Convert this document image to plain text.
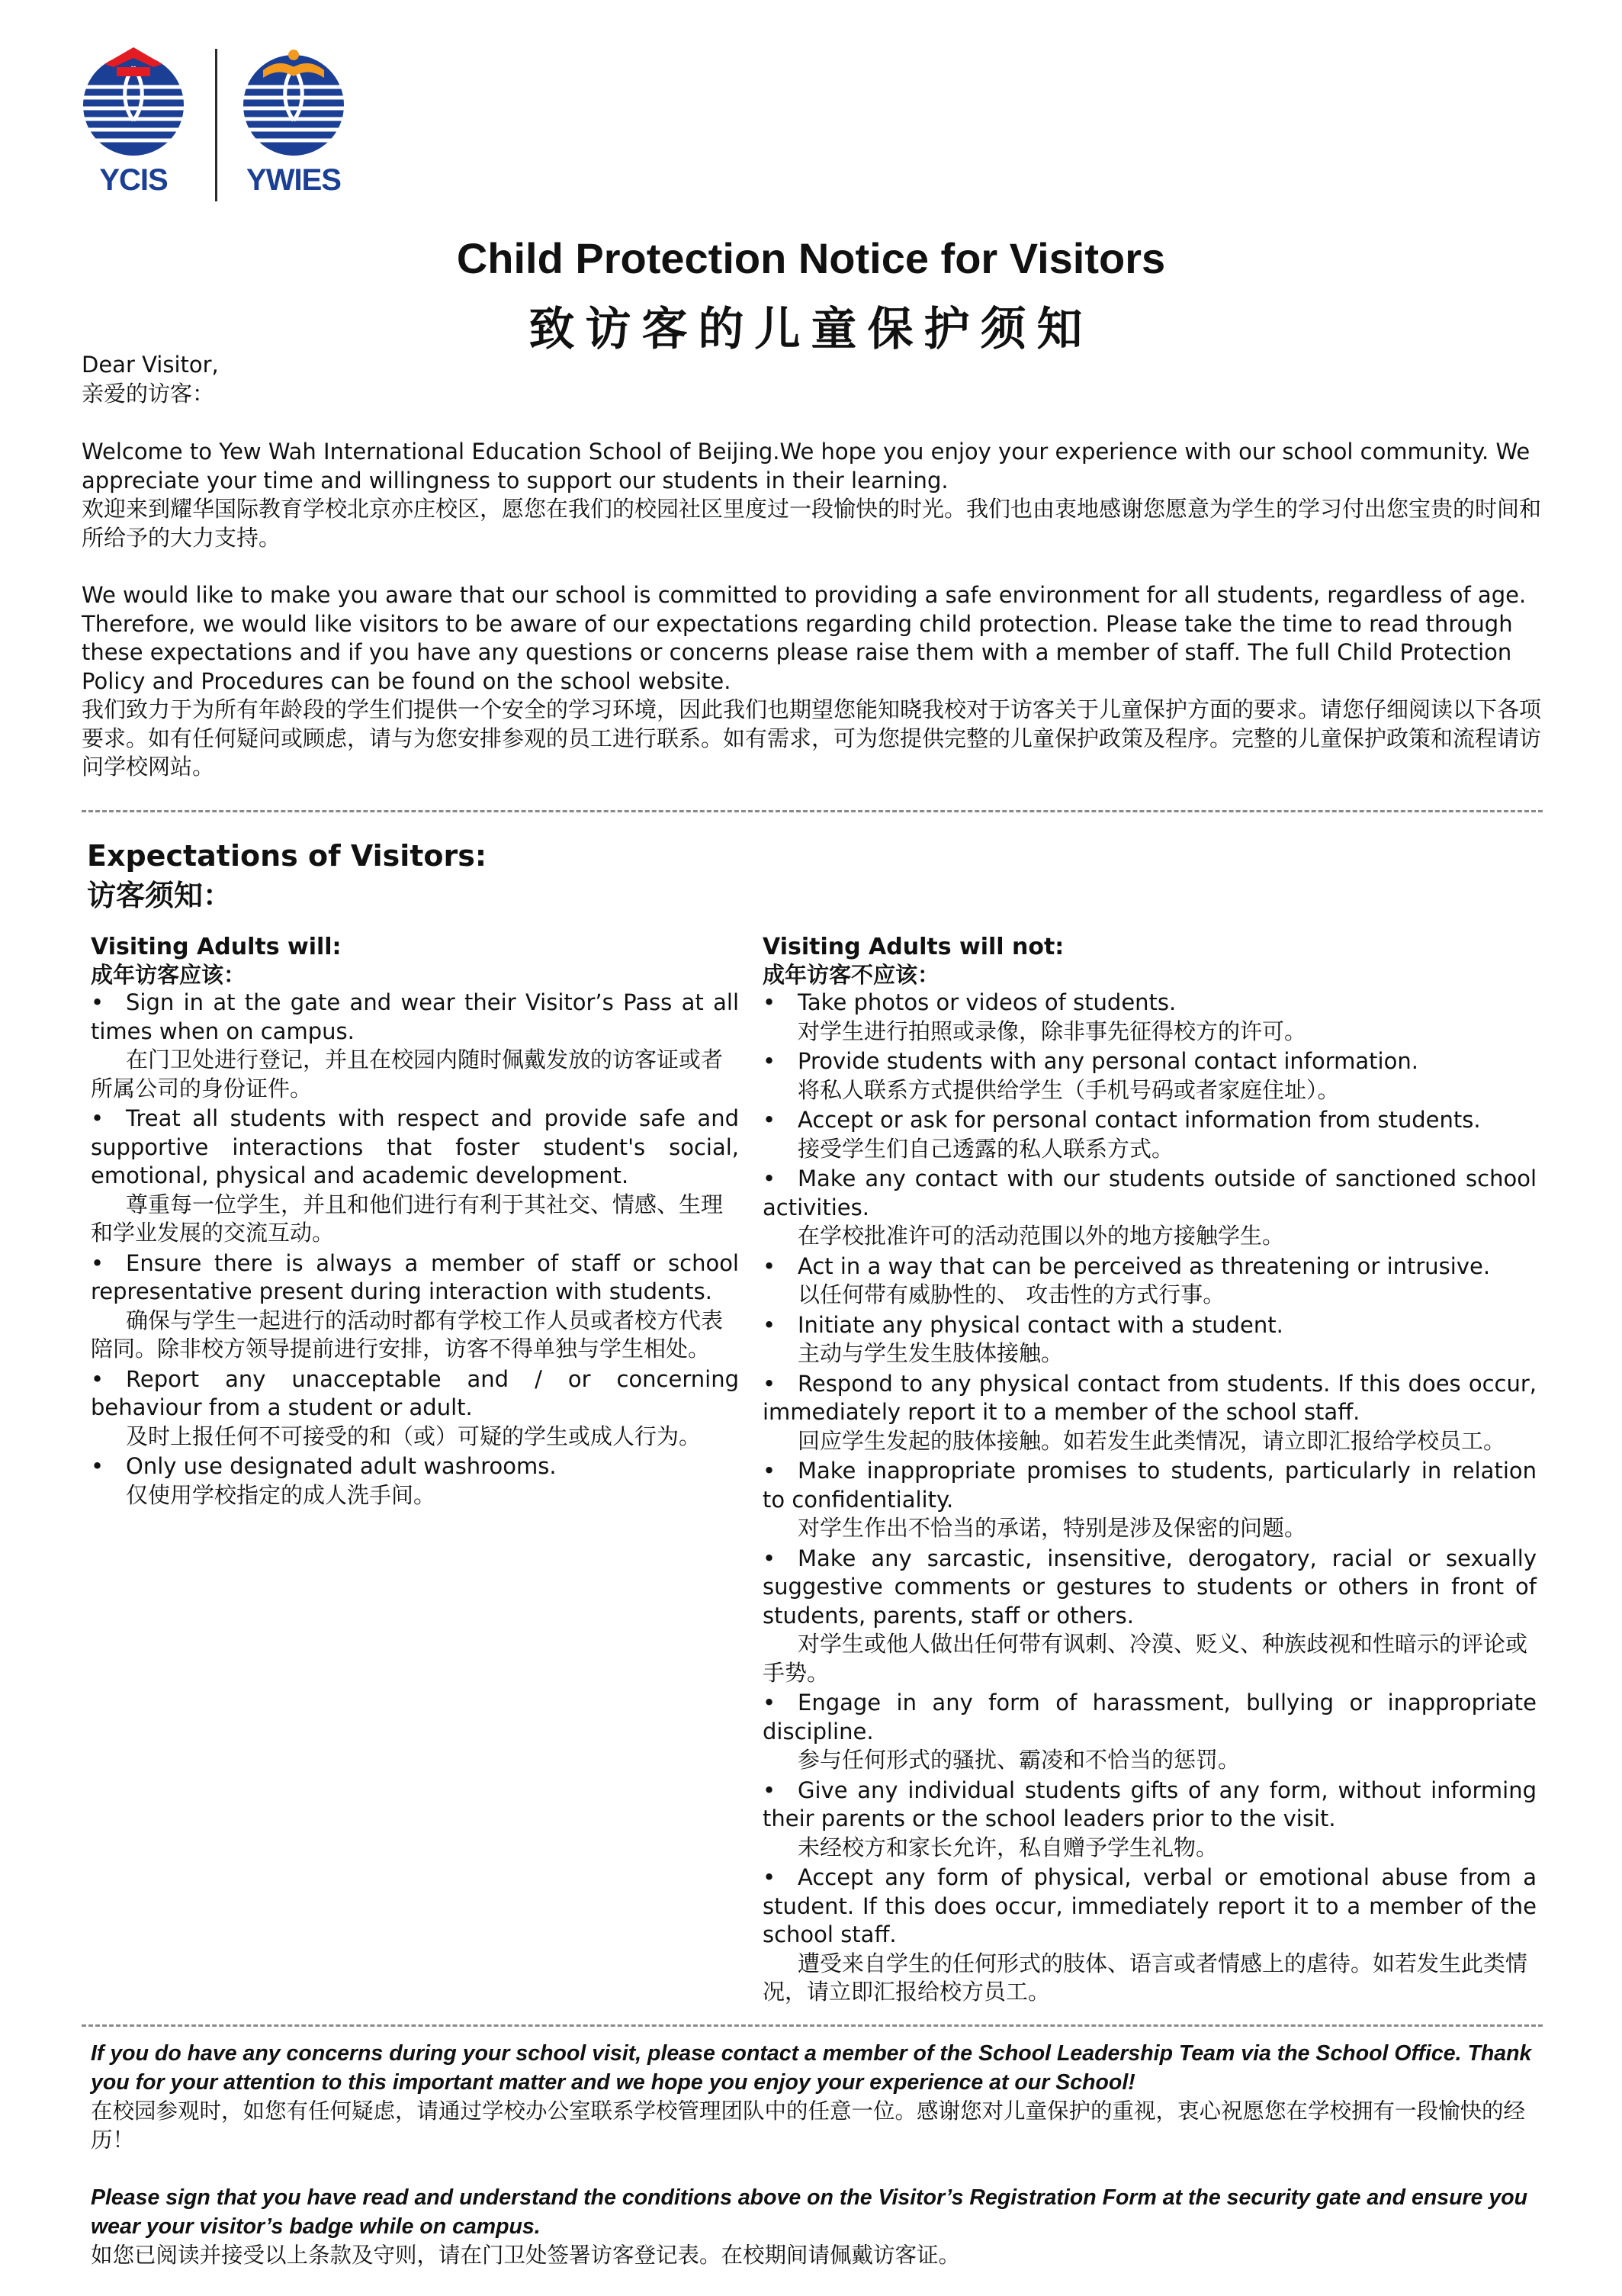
YCIS	YWIES
Child Protection Notice for Visitors
致访客的儿童保护须知

Dear Visitor,

亲爱的访客：

Welcome to Yew Wah International Education School of Beijing.We hope you enjoy your experience with our school community. We appreciate your time and willingness to support our students in their learning.

欢迎来到耀华国际教育学校北京亦庄校区，愿您在我们的校园社区里度过一段愉快的时光。我们也由衷地感谢您愿意为学生的学习付出您宝贵的时间和所给予的大力支持。

We would like to make you aware that our school is committed to providing a safe environment for all students, regardless of age. Therefore, we would like visitors to be aware of our expectations regarding child protection. Please take the time to read through these expectations and if you have any questions or concerns please raise them with a member of staff. The full Child Protection Policy and Procedures can be found on the school website.

我们致力于为所有年龄段的学生们提供一个安全的学习环境，因此我们也期望您能知晓我校对于访客关于儿童保护方面的要求。请您仔细阅读以下各项要求。如有任何疑问或顾虑，请与为您安排参观的员工进行联系。如有需求，可为您提供完整的儿童保护政策及程序。完整的儿童保护政策和流程请访问学校网站。

Expectations of Visitors:

访客须知：

Visiting Adults will:
成年访客应该：
• Sign in at the gate and wear their Visitor’s Pass at all times when on campus.
在门卫处进行登记，并且在校园内随时佩戴发放的访客证或者所属公司的身份证件。
• Treat all students with respect and provide safe and supportive interactions that foster student's social, emotional, physical and academic development.
尊重每一位学生，并且和他们进行有利于其社交、情感、生理和学业发展的交流互动。
• Ensure there is always a member of staff or school representative present during interaction with students.
确保与学生一起进行的活动时都有学校工作人员或者校方代表陪同。除非校方领导提前进行安排，访客不得单独与学生相处。
• Report any unacceptable and / or concerning behaviour from a student or adult.
及时上报任何不可接受的和（或）可疑的学生或成人行为。
• Only use designated adult washrooms.
仅使用学校指定的成人洗手间。
Visiting Adults will not:
成年访客不应该：
• Take photos or videos of students.
对学生进行拍照或录像，除非事先征得校方的许可。
• Provide students with any personal contact information.
将私人联系方式提供给学生（手机号码或者家庭住址）。
• Accept or ask for personal contact information from students.
接受学生们自己透露的私人联系方式。
• Make any contact with our students outside of sanctioned school activities.
在学校批准许可的活动范围以外的地方接触学生。
• Act in a way that can be perceived as threatening or intrusive.
以任何带有威胁性的、 攻击性的方式行事。
• Initiate any physical contact with a student.
主动与学生发生肢体接触。
• Respond to any physical contact from students. If this does occur, immediately report it to a member of the school staff.
回应学生发起的肢体接触。如若发生此类情况，请立即汇报给学校员工。
• Make inappropriate promises to students, particularly in relation to confidentiality.
对学生作出不恰当的承诺，特别是涉及保密的问题。
• Make any sarcastic, insensitive, derogatory, racial or sexually suggestive comments or gestures to students or others in front of students, parents, staff or others.
对学生或他人做出任何带有讽刺、冷漠、贬义、种族歧视和性暗示的评论或手势。
• Engage in any form of harassment, bullying or inappropriate discipline.
参与任何形式的骚扰、霸凌和不恰当的惩罚。
• Give any individual students gifts of any form, without informing their parents or the school leaders prior to the visit.
未经校方和家长允许，私自赠予学生礼物。
• Accept any form of physical, verbal or emotional abuse from a student. If this does occur, immediately report it to a member of the school staff.
遭受来自学生的任何形式的肢体、语言或者情感上的虐待。如若发生此类情况，请立即汇报给校方员工。

If you do have any concerns during your school visit, please contact a member of the School Leadership Team via the School Office. Thank you for your attention to this important matter and we hope you enjoy your experience at our School!

在校园参观时，如您有任何疑虑，请通过学校办公室联系学校管理团队中的任意一位。感谢您对儿童保护的重视，衷心祝愿您在学校拥有一段愉快的经历！

Please sign that you have read and understand the conditions above on the Visitor’s Registration Form at the security gate and ensure you wear your visitor’s badge while on campus.

如您已阅读并接受以上条款及守则，请在门卫处签署访客登记表。在校期间请佩戴访客证。
